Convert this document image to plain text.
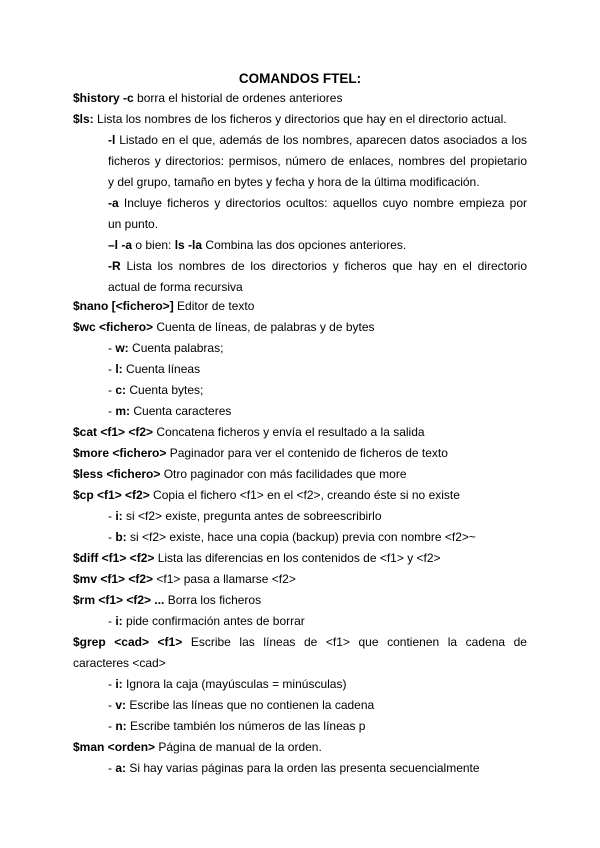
COMANDOS FTEL:
$history -c borra el historial de ordenes anteriores
$ls: Lista los nombres de los ficheros y directorios que hay en el directorio actual.
-l Listado en el que, además de los nombres, aparecen datos asociados a los
ficheros y directorios: permisos, número de enlaces, nombres del propietario
y del grupo, tamaño en bytes y fecha y hora de la última modificación.
-a Incluye ficheros y directorios ocultos: aquellos cuyo nombre empieza por
un punto.
–l -a o bien: ls -la Combina las dos opciones anteriores.
-R Lista los nombres de los directorios y ficheros que hay en el directorio
actual de forma recursiva
$nano [<fichero>] Editor de texto
$wc <fichero> Cuenta de líneas, de palabras y de bytes
- w: Cuenta palabras;
- l: Cuenta líneas
- c: Cuenta bytes;
- m: Cuenta caracteres
$cat <f1> <f2> Concatena ficheros y envía el resultado a la salida
$more <fichero> Paginador para ver el contenido de ficheros de texto
$less <fichero> Otro paginador con más facilidades que more
$cp <f1> <f2> Copia el fichero <f1> en el <f2>, creando éste si no existe
- i: si <f2> existe, pregunta antes de sobreescribirlo
- b: si <f2> existe, hace una copia (backup) previa con nombre <f2>~
$diff <f1> <f2> Lista las diferencias en los contenidos de <f1> y <f2>
$mv <f1> <f2> <f1> pasa a llamarse <f2>
$rm <f1> <f2> ... Borra los ficheros
- i: pide confirmación antes de borrar
$grep <cad> <f1> Escribe las líneas de <f1> que contienen la cadena de
caracteres <cad>
- i: Ignora la caja (mayúsculas = minúsculas)
- v: Escribe las líneas que no contienen la cadena
- n: Escribe también los números de las líneas p
$man <orden> Página de manual de la orden.
- a: Si hay varias páginas para la orden las presenta secuencialmente
